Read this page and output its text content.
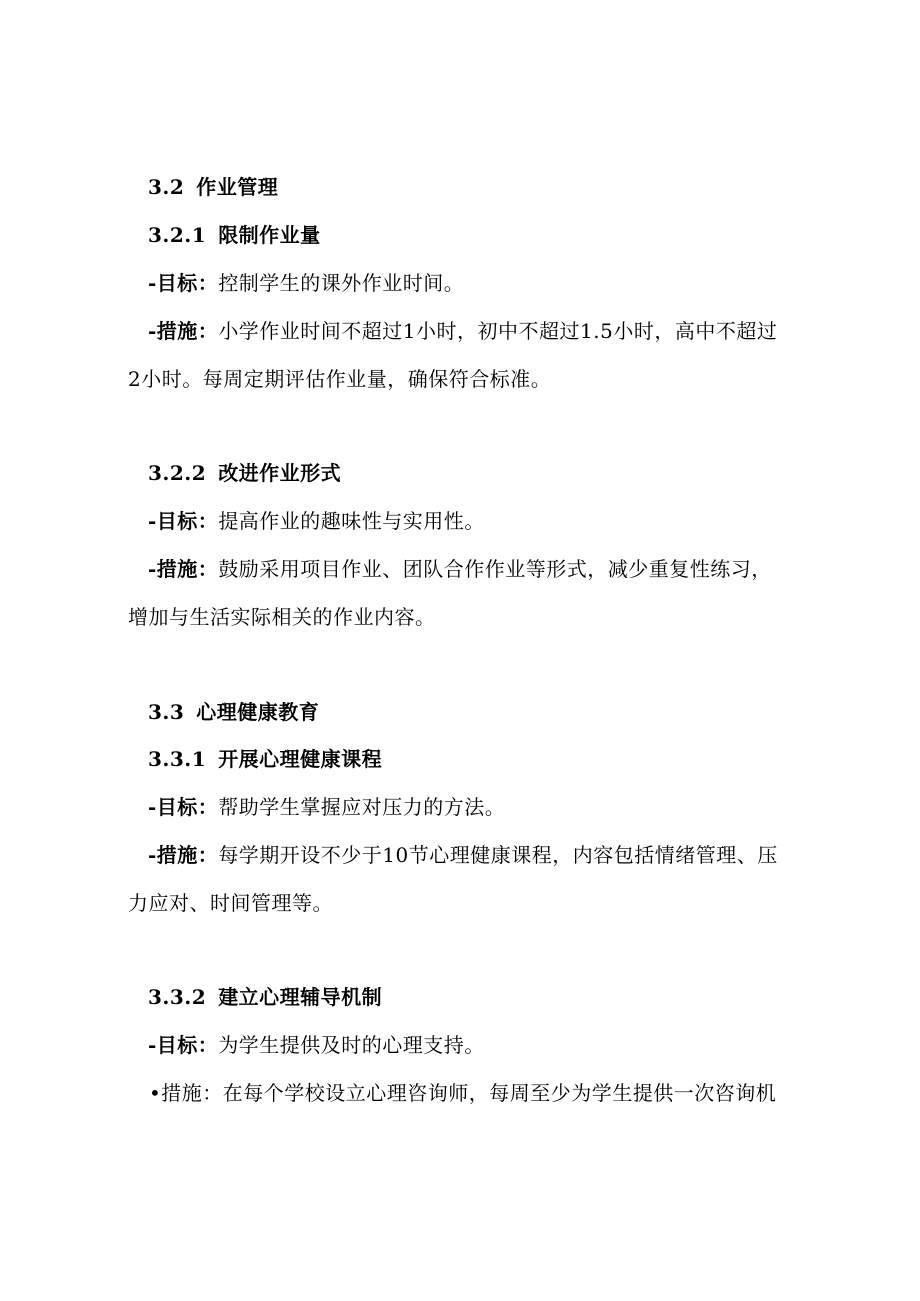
3.2 作业管理

3.2.1 限制作业量

-目标：控制学生的课外作业时间。

-措施：小学作业时间不超过1小时，初中不超过1.5小时，高中不超过

2小时。每周定期评估作业量，确保符合标准。

3.2.2 改进作业形式

-目标：提高作业的趣味性与实用性。

-措施：鼓励采用项目作业、团队合作作业等形式，减少重复性练习，

增加与生活实际相关的作业内容。

3.3 心理健康教育

3.3.1 开展心理健康课程

-目标：帮助学生掌握应对压力的方法。

-措施：每学期开设不少于10节心理健康课程，内容包括情绪管理、压

力应对、时间管理等。

3.3.2 建立心理辅导机制

-目标：为学生提供及时的心理支持。

•措施：在每个学校设立心理咨询师，每周至少为学生提供一次咨询机
